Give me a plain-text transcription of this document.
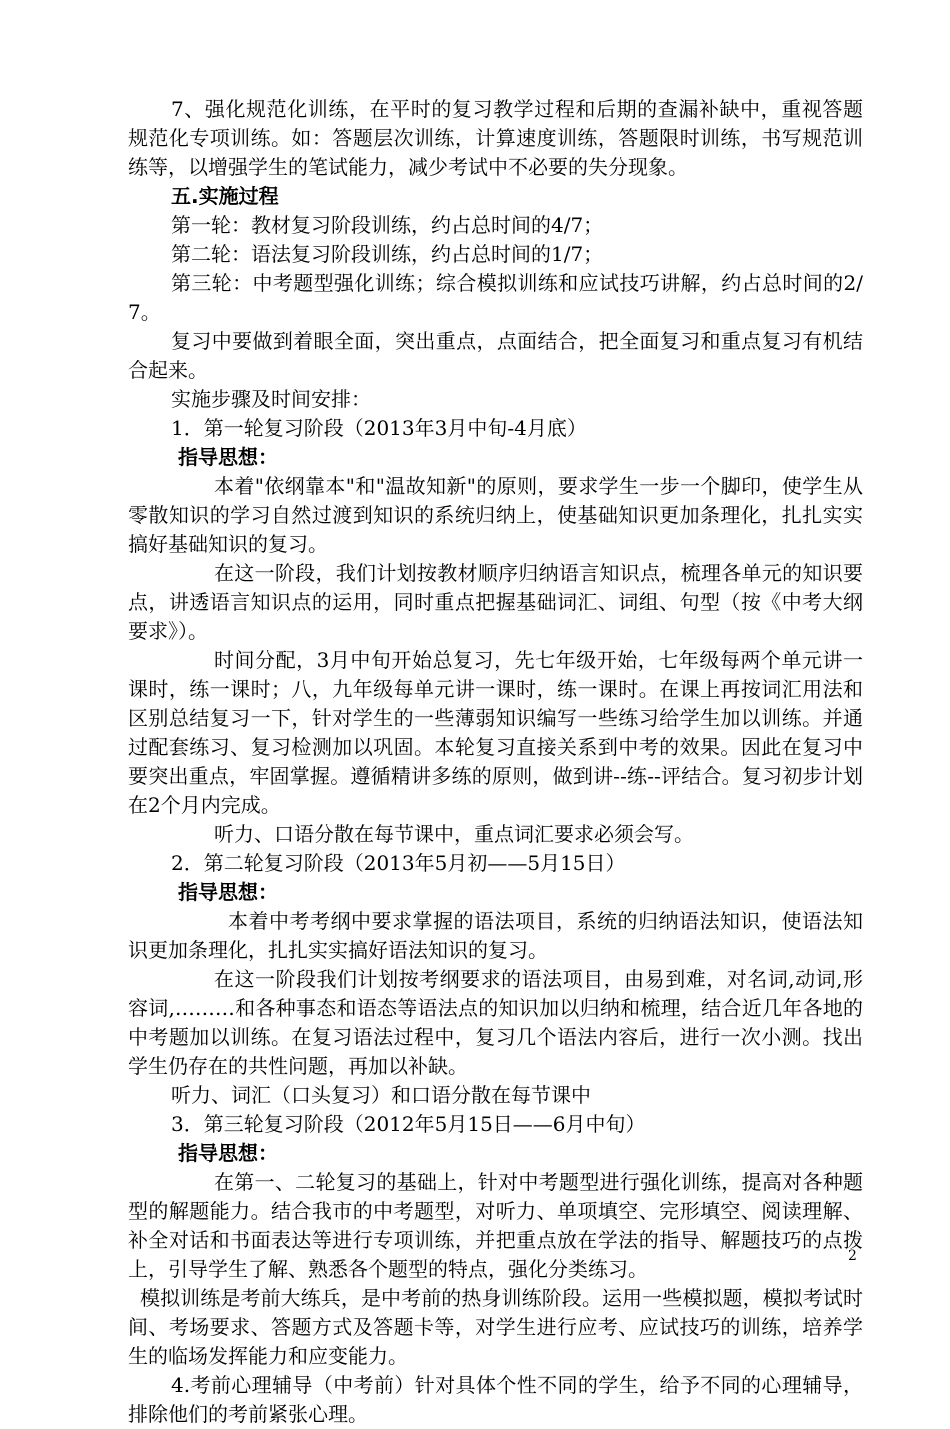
7、强化规范化训练，在平时的复习教学过程和后期的查漏补缺中，重视答题规范化专项训练。如：答题层次训练，计算速度训练，答题限时训练，书写规范训练等，以增强学生的笔试能力，减少考试中不必要的失分现象。

五.实施过程

第一轮：教材复习阶段训练，约占总时间的4/7；

第二轮：语法复习阶段训练，约占总时间的1/7；

第三轮：中考题型强化训练；综合模拟训练和应试技巧讲解，约占总时间的2/7。

复习中要做到着眼全面，突出重点，点面结合，把全面复习和重点复习有机结合起来。

实施步骤及时间安排：

1．第一轮复习阶段（2013年3月中旬-4月底）

指导思想：

本着"依纲靠本"和"温故知新"的原则，要求学生一步一个脚印，使学生从零散知识的学习自然过渡到知识的系统归纳上，使基础知识更加条理化，扎扎实实搞好基础知识的复习。

在这一阶段，我们计划按教材顺序归纳语言知识点，梳理各单元的知识要点，讲透语言知识点的运用，同时重点把握基础词汇、词组、句型（按《中考大纲要求》）。

时间分配，3月中旬开始总复习，先七年级开始，七年级每两个单元讲一课时，练一课时；八，九年级每单元讲一课时，练一课时。在课上再按词汇用法和区别总结复习一下，针对学生的一些薄弱知识编写一些练习给学生加以训练。并通过配套练习、复习检测加以巩固。本轮复习直接关系到中考的效果。因此在复习中要突出重点，牢固掌握。遵循精讲多练的原则，做到讲--练--评结合。复习初步计划在2个月内完成。

听力、口语分散在每节课中，重点词汇要求必须会写。

2．第二轮复习阶段（2013年5月初——5月15日）

指导思想：

本着中考考纲中要求掌握的语法项目，系统的归纳语法知识，使语法知识更加条理化，扎扎实实搞好语法知识的复习。

在这一阶段我们计划按考纲要求的语法项目，由易到难，对名词,动词,形容词,………和各种事态和语态等语法点的知识加以归纳和梳理，结合近几年各地的中考题加以训练。在复习语法过程中，复习几个语法内容后，进行一次小测。找出学生仍存在的共性问题，再加以补缺。

听力、词汇（口头复习）和口语分散在每节课中

3．第三轮复习阶段（2012年5月15日——6月中旬）

指导思想：

在第一、二轮复习的基础上，针对中考题型进行强化训练，提高对各种题型的解题能力。结合我市的中考题型，对听力、单项填空、完形填空、阅读理解、补全对话和书面表达等进行专项训练，并把重点放在学法的指导、解题技巧的点拨上，引导学生了解、熟悉各个题型的特点，强化分类练习。

模拟训练是考前大练兵，是中考前的热身训练阶段。运用一些模拟题，模拟考试时间、考场要求、答题方式及答题卡等，对学生进行应考、应试技巧的训练，培养学生的临场发挥能力和应变能力。

4.考前心理辅导（中考前）针对具体个性不同的学生，给予不同的心理辅导，排除他们的考前紧张心理。

2
